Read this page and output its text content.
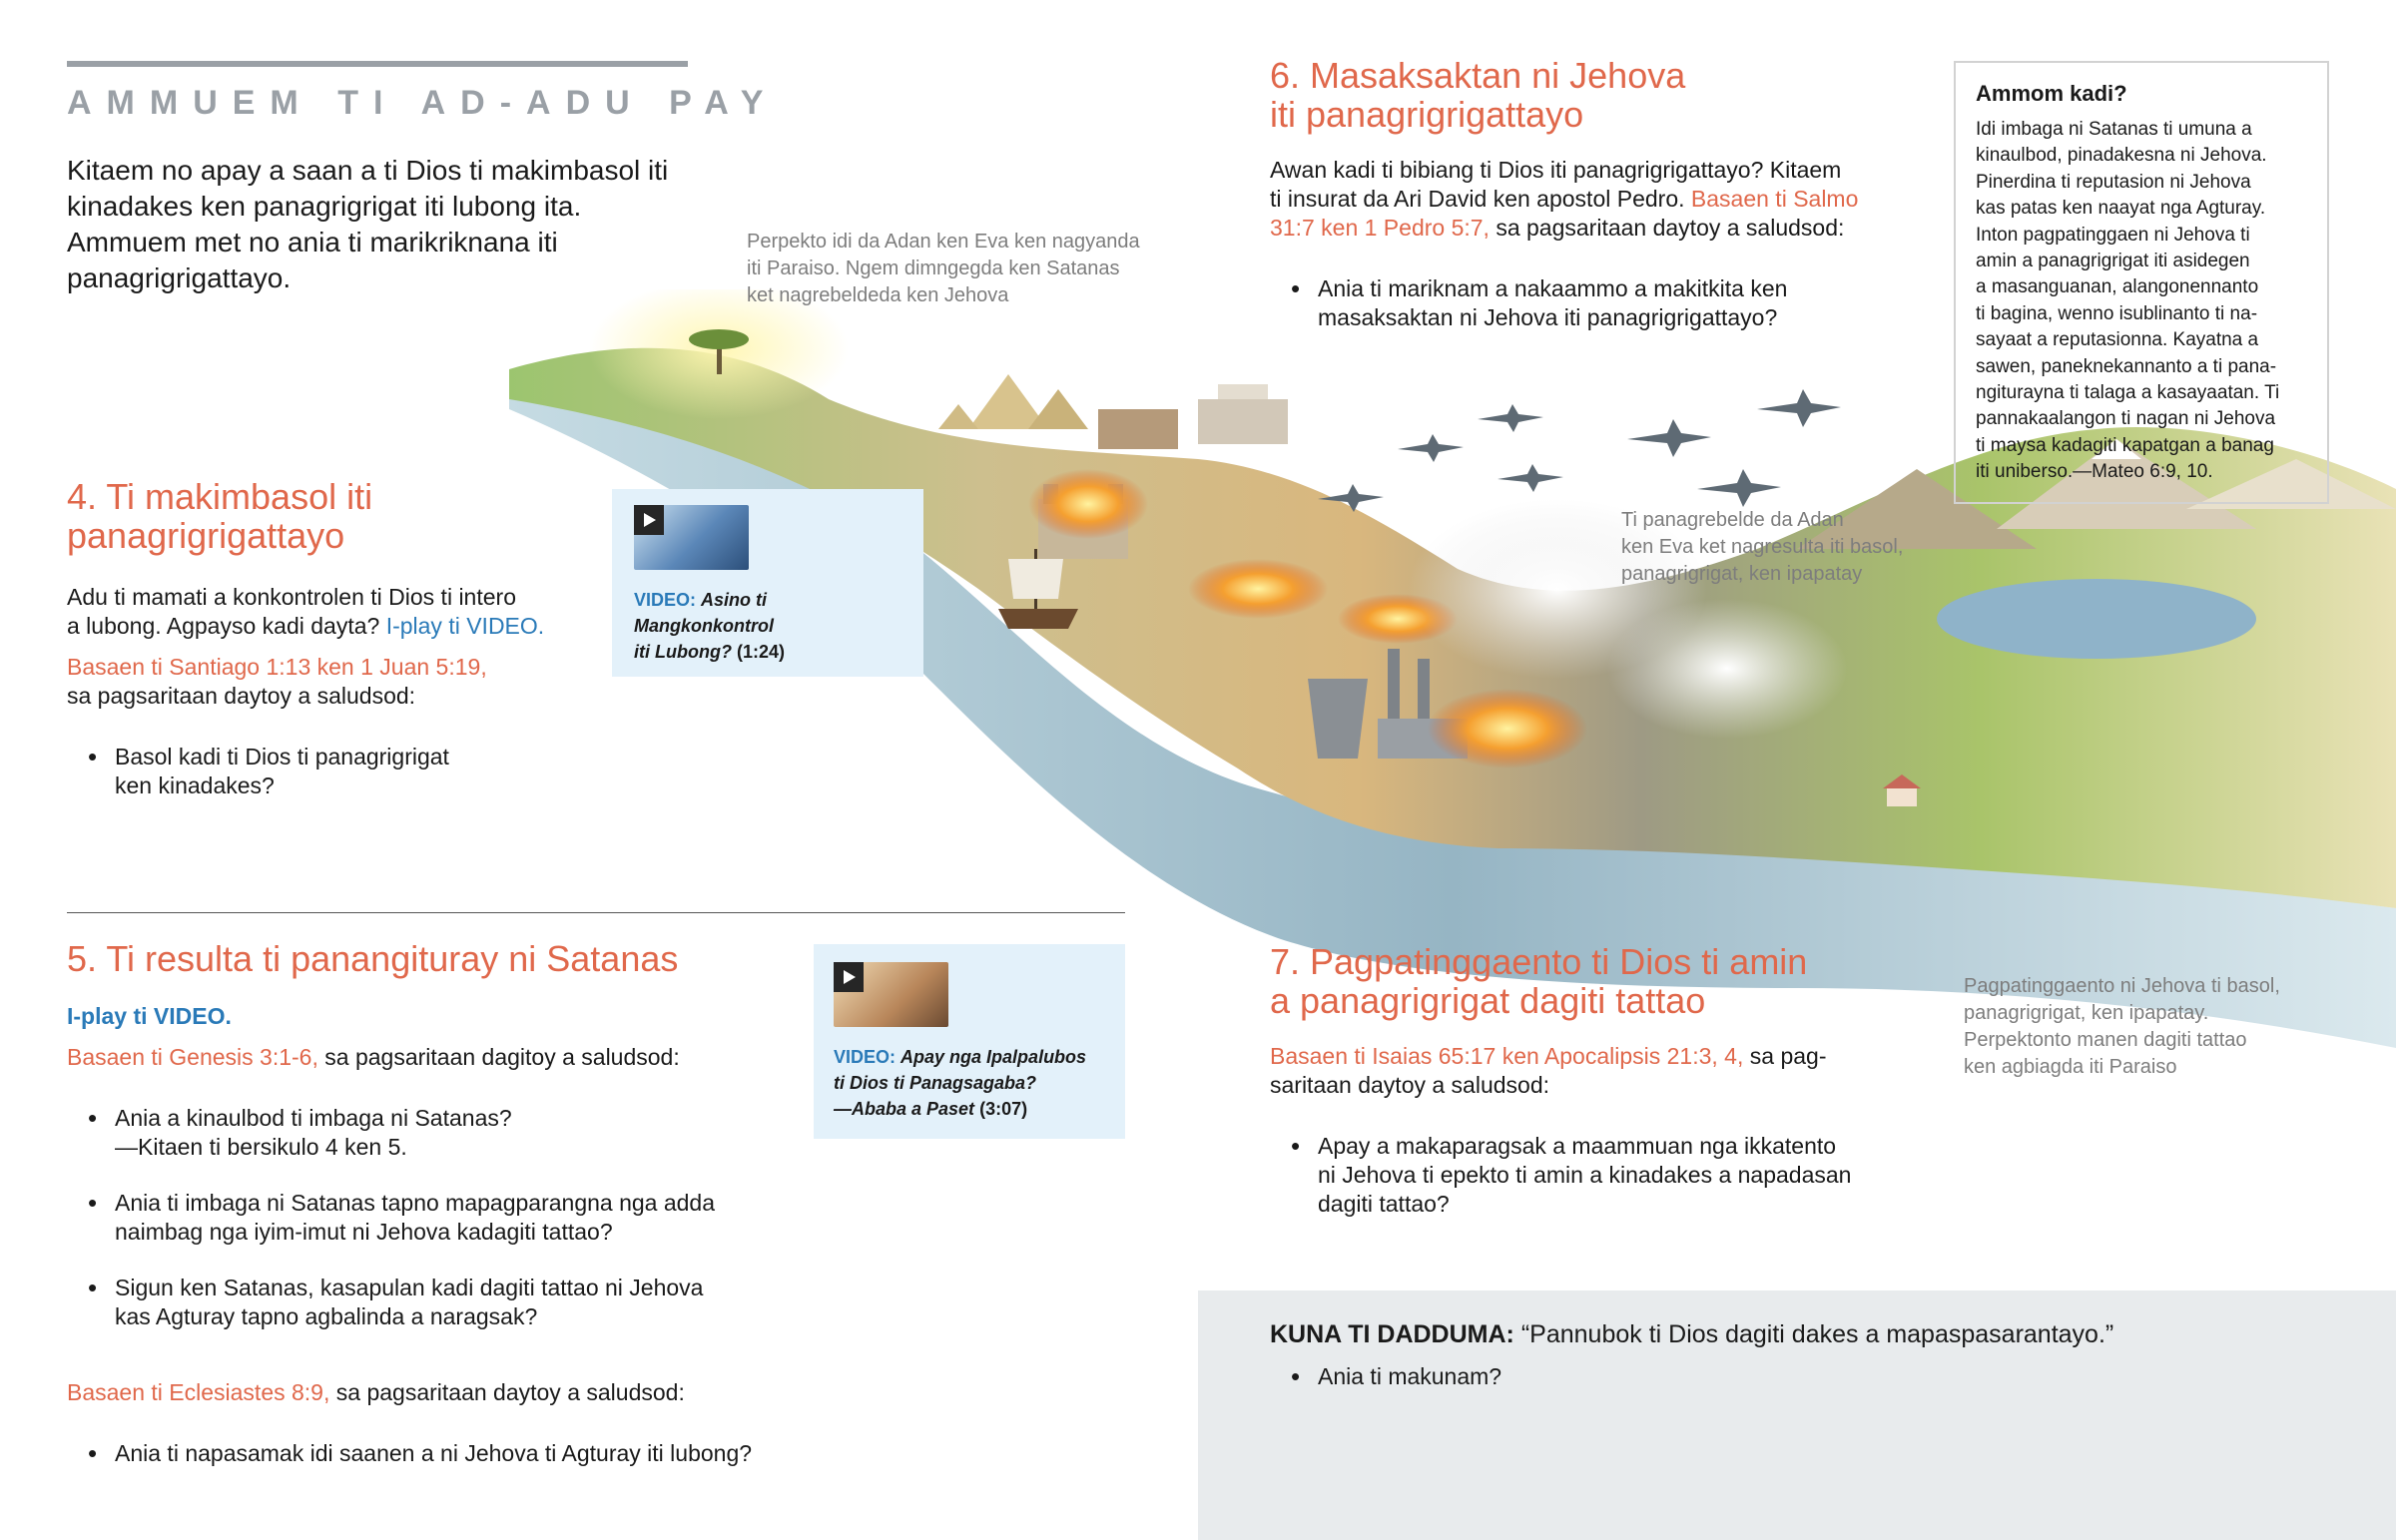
AMMUEM TI AD-ADU PAY
Kitaem no apay a saan a ti Dios ti makimbasol iti kinadakes ken panagrigrigat iti lubong ita. Ammuem met no ania ti marikriknana iti panagrigrigattayo.
4. Ti makimbasol iti
panagrigrigattayo
Adu ti mamati a konkontrolen ti Dios ti intero
a lubong. Agpayso kadi dayta? I-play ti VIDEO.
Basaen ti Santiago 1:13 ken 1 Juan 5:19,
sa pagsaritaan daytoy a saludsod:

• Basol kadi ti Dios ti panagrigrigat
ken kinadakes?

VIDEO: Asino ti
Mangkonkontrol
iti Lubong? (1:24)
5. Ti resulta ti panangituray ni Satanas
I-play ti VIDEO.
Basaen ti Genesis 3:1-6, sa pagsaritaan dagitoy a saludsod:

• Ania a kinaulbod ti imbaga ni Satanas?
—Kitaen ti bersikulo 4 ken 5.

• Ania ti imbaga ni Satanas tapno mapagparangna nga adda
naimbag nga iyim-imut ni Jehova kadagiti tattao?

• Sigun ken Satanas, kasapulan kadi dagiti tattao ni Jehova
kas Agturay tapno agbalinda a naragsak?

Basaen ti Eclesiastes 8:9, sa pagsaritaan daytoy a saludsod:

• Ania ti napasamak idi saanen a ni Jehova ti Agturay iti lubong?

VIDEO: Apay nga Ipalpalubos
ti Dios ti Panagsagaba?
—Ababa a Paset (3:07)
6. Masaksaktan ni Jehova
iti panagrigrigattayo
Awan kadi ti bibiang ti Dios iti panagrigrigattayo? Kitaem
ti insurat da Ari David ken apostol Pedro. Basaen ti Salmo
31:7 ken 1 Pedro 5:7, sa pagsaritaan daytoy a saludsod:

• Ania ti mariknam a nakaammo a makitkita ken
masaksaktan ni Jehova iti panagrigrigattayo?

Ammom kadi?
Idi imbaga ni Satanas ti umuna a
kinaulbod, pinadakesna ni Jehova.
Pinerdina ti reputasion ni Jehova
kas patas ken naayat nga Agturay.
Inton pagpatinggaen ni Jehova ti
amin a panagrigrigat iti asidegen
a masanguanan, alangonennanto
ti bagina, wenno isublinanto ti na-
sayaat a reputasionna. Kayatna a
sawen, paneknekannanto a ti pana-
ngiturayna ti talaga a kasayaatan. Ti
pannakaalangon ti nagan ni Jehova
ti maysa kadagiti kapatgan a banag
iti uniberso.—Mateo 6:9, 10.
Perpekto idi da Adan ken Eva ken nagyanda
iti Paraiso. Ngem dimngegda ken Satanas
ket nagrebeldeda ken Jehova
Ti panagrebelde da Adan
ken Eva ket nagresulta iti basol,
panagrigrigat, ken ipapatay
Pagpatinggaento ni Jehova ti basol,
panagrigrigat, ken ipapatay.
Perpektonto manen dagiti tattao
ken agbiagda iti Paraiso
7. Pagpatinggaento ti Dios ti amin
a panagrigrigat dagiti tattao
Basaen ti Isaias 65:17 ken Apocalipsis 21:3, 4, sa pag-
saritaan daytoy a saludsod:

• Apay a makaparagsak a maammuan nga ikkatento
ni Jehova ti epekto ti amin a kinadakes a napadasan
dagiti tattao?

KUNA TI DADDUMA: “Pannubok ti Dios dagiti dakes a mapaspasarantayo.”
• Ania ti makunam?
